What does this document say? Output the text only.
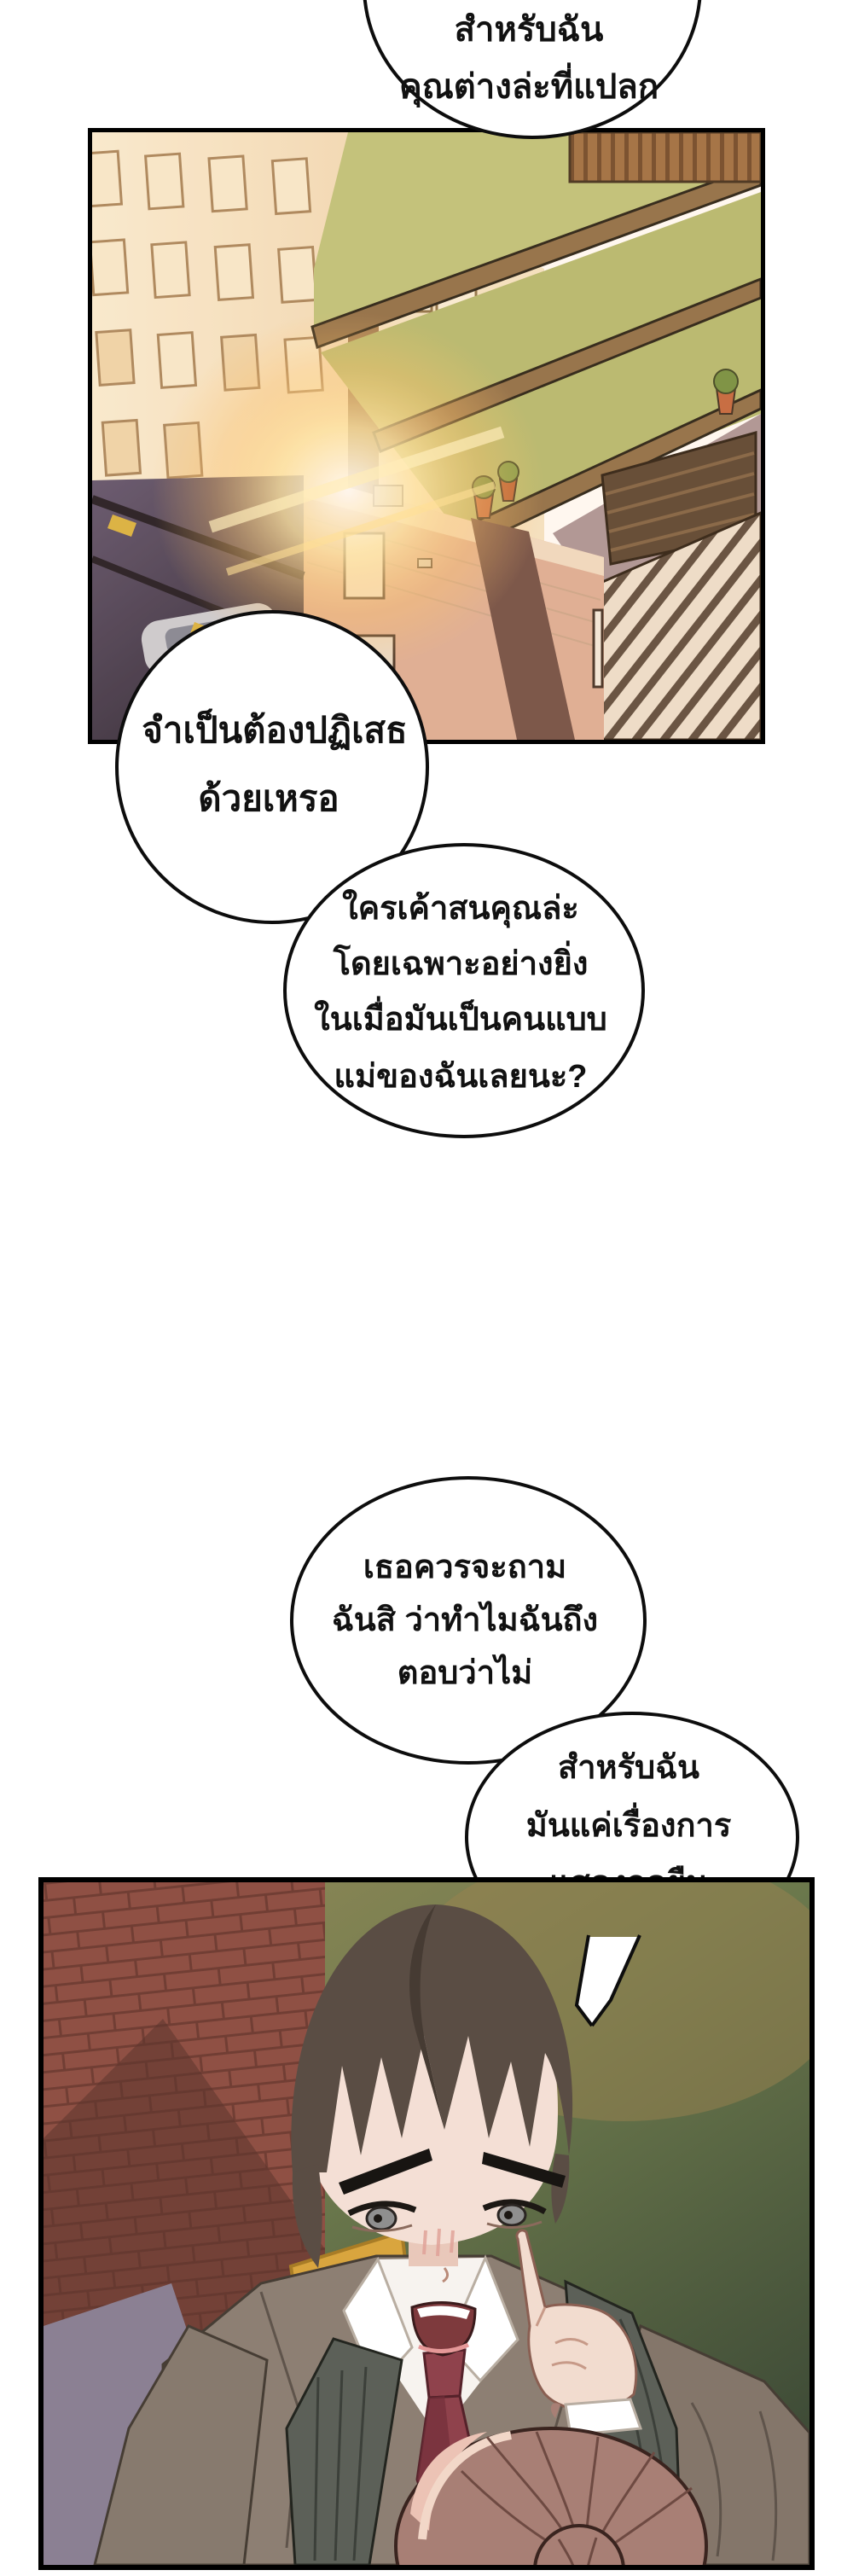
สำหรับฉัน
คุณต่างล่ะที่แปลก
จำเป็นต้องปฏิเสธ
ด้วยเหรอ
ใครเค้าสนคุณล่ะ
โดยเฉพาะอย่างยิ่ง
ในเมื่อมันเป็นคนแบบ
แม่ของฉันเลยนะ?
เธอควรจะถาม
ฉันสิ ว่าทำไมฉันถึง
ตอบว่าไม่
สำหรับฉัน
มันแค่เรื่องการ
